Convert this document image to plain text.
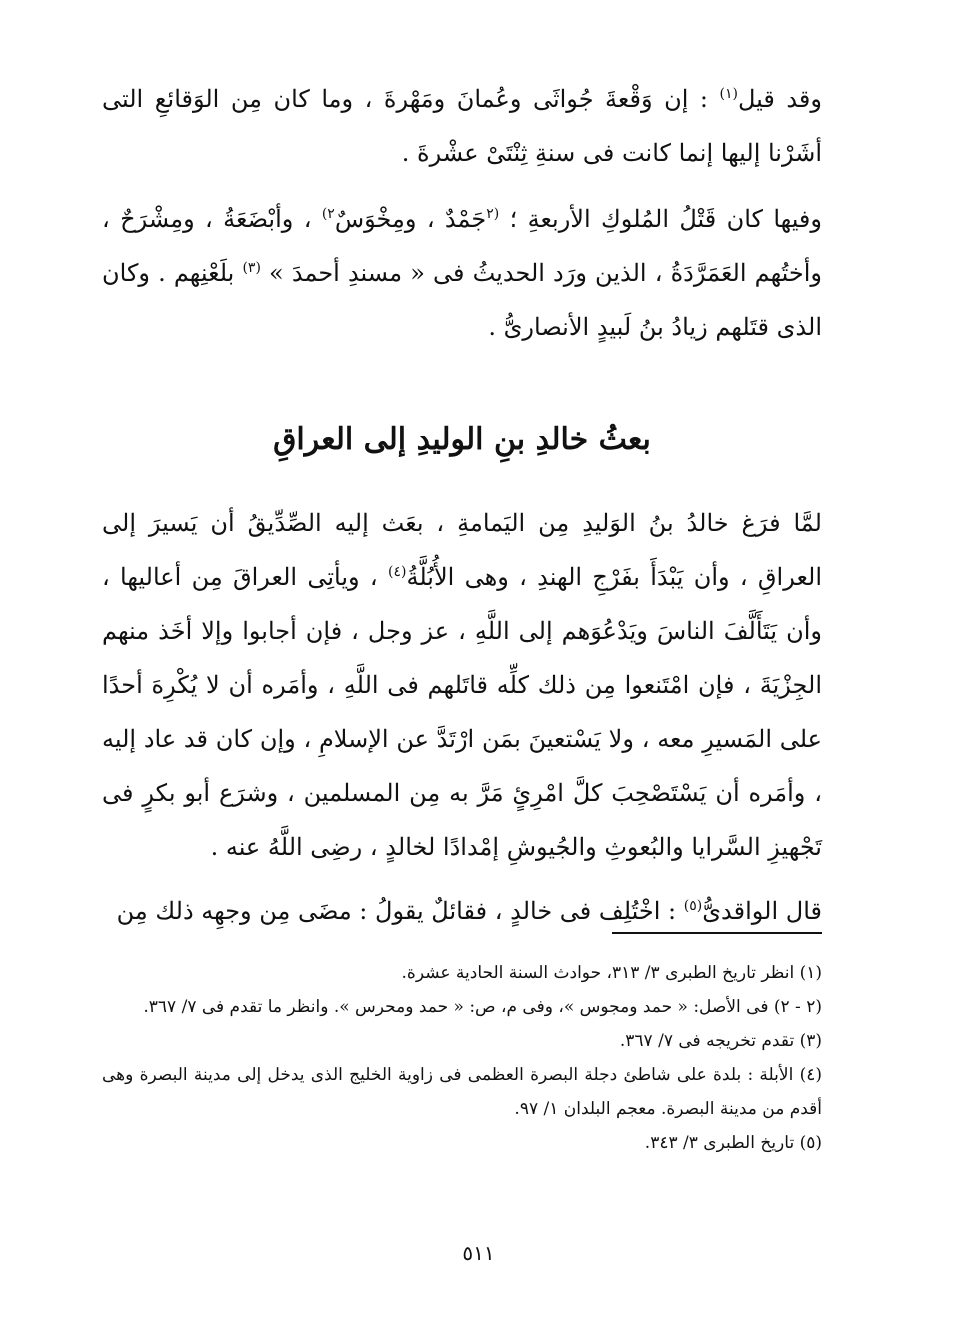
وقد قيل$^{(١)}$ : إن وَقْعةَ جُواثَى وعُمانَ ومَهْرةَ ، وما كان مِن الوَقائعِ التى أشَرْنا إليها إنما كانت فى سنةِ ثِنْتَىْ عشْرةَ .

وفيها كان قَتْلُ المُلوكِ الأربعةِ ؛ $^{(٢}$جَمْدٌ ، ومِخْوَسٌ$^{٢)}$ ، وأبْضَعَةُ ، ومِشْرَحٌ ، وأختُهم العَمَرَّدَةُ ، الذين ورَد الحديثُ فى « مسندِ أحمدَ » $^{(٣)}$ بلَعْنِهم . وكان الذى قتَلهم زيادُ بنُ لَبيدٍ الأنصارىُّ .

بعثُ خالدِ بنِ الوليدِ إلى العراقِ

لمَّا فرَغ خالدُ بنُ الوَليدِ مِن اليَمامةِ ، بعَث إليه الصِّدِّيقُ أن يَسيرَ إلى العراقِ ، وأن يَبْدَأَ بفَرْجِ الهندِ ، وهى الأُبُلَّةُ$^{(٤)}$ ، ويأتِى العراقَ مِن أعاليها ، وأن يَتَأَلَّفَ الناسَ ويَدْعُوَهم إلى اللَّهِ ، عز وجل ، فإن أجابوا وإلا أخَذ منهم الجِزْيَةَ ، فإن امْتَنعوا مِن ذلك كلِّه قاتَلهم فى اللَّهِ ، وأمَره أن لا يُكْرِهَ أحدًا على المَسيرِ معه ، ولا يَسْتعينَ بمَن ارْتَدَّ عن الإسلامِ ، وإن كان قد عاد إليه ، وأمَره أن يَسْتَصْحِبَ كلَّ امْرِئٍ مَرَّ به مِن المسلمين ، وشرَع أبو بكرٍ فى تَجْهيزِ السَّرايا والبُعوثِ والجُيوشِ إمْدادًا لخالدٍ ، رضِى اللَّهُ عنه .

قال الواقدىُّ$^{(٥)}$ : اخْتُلِف فى خالدٍ ، فقائلٌ يقولُ : مضَى مِن وجهِه ذلك مِن

(١) انظر تاريخ الطبرى ٣/ ٣١٣، حوادث السنة الحادية عشرة.

(٢ - ٢) فى الأصل: « حمد ومجوس »، وفى م، ص: « حمد ومحرس ». وانظر ما تقدم فى ٧/ ٣٦٧.

(٣) تقدم تخريجه فى ٧/ ٣٦٧.

(٤) الأبلة : بلدة على شاطئ دجلة البصرة العظمى فى زاوية الخليج الذى يدخل إلى مدينة البصرة وهى أقدم من مدينة البصرة. معجم البلدان ١/ ٩٧.

(٥) تاريخ الطبرى ٣/ ٣٤٣.

٥١١
